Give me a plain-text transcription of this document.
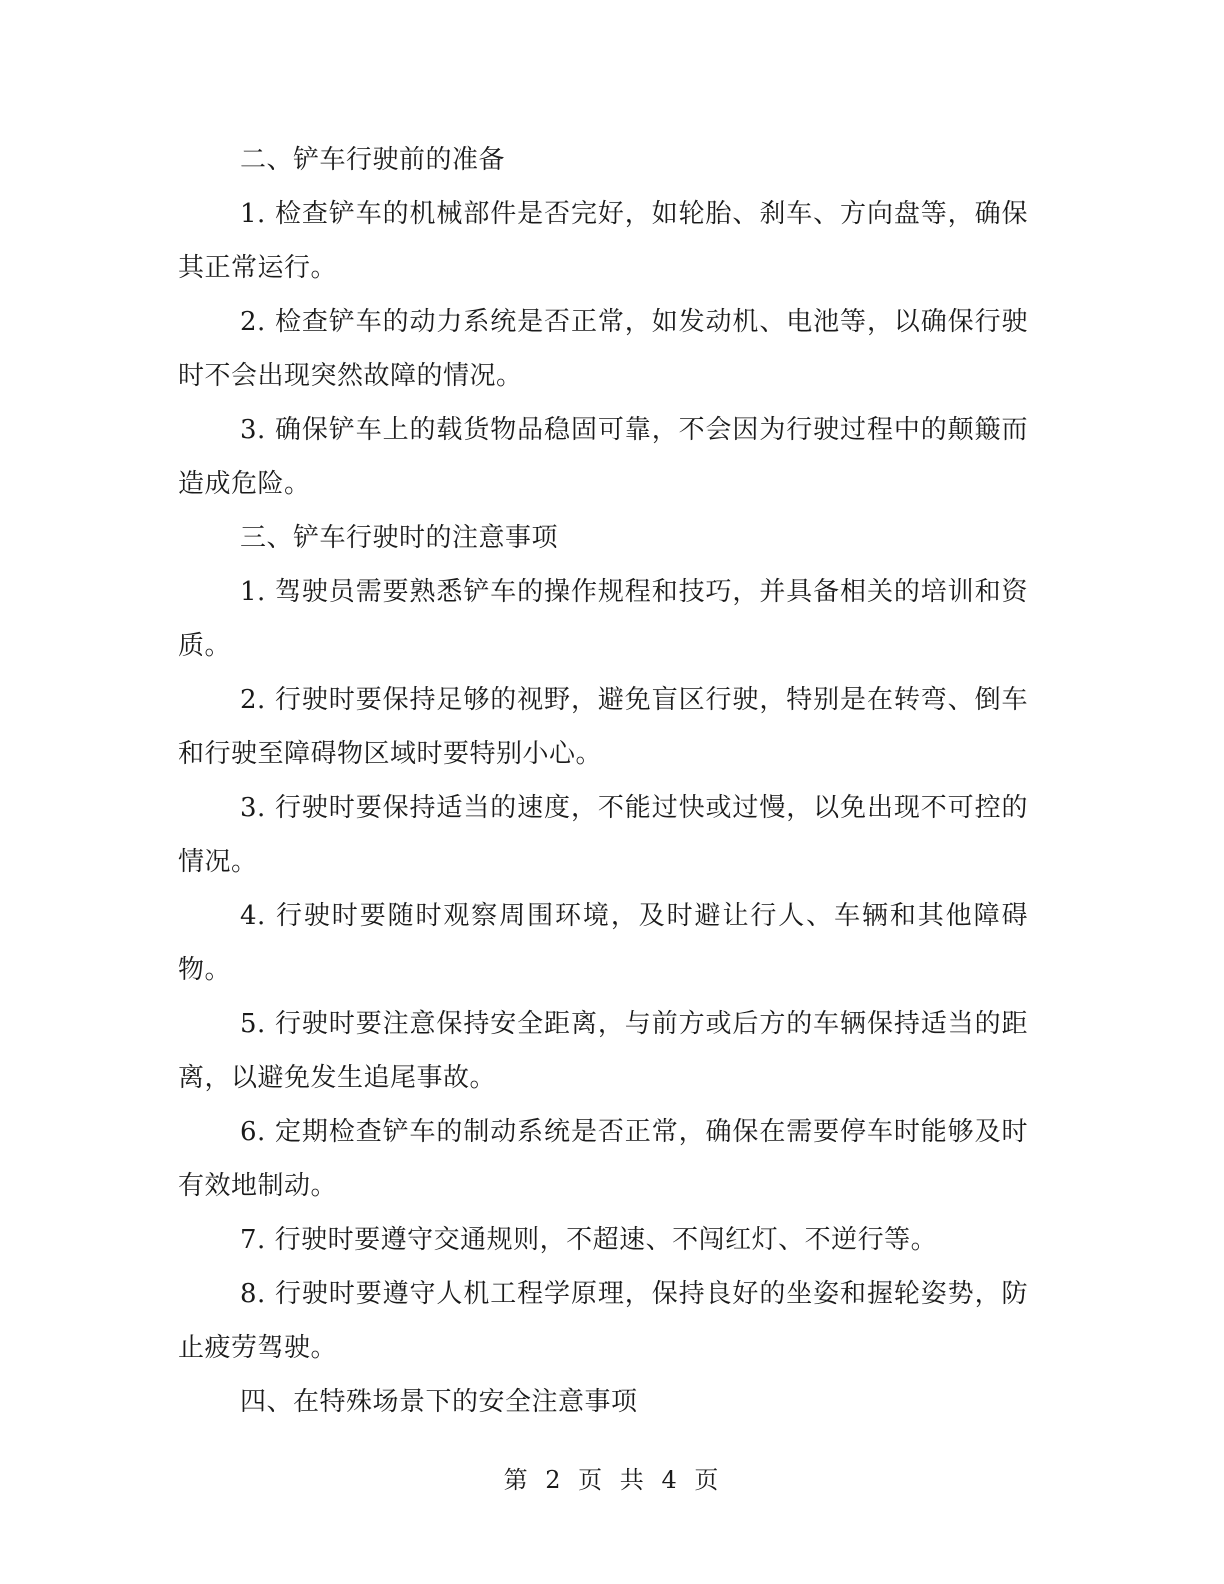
二、铲车行驶前的准备

1. 检查铲车的机械部件是否完好，如轮胎、刹车、方向盘等，确保其正常运行。

2. 检查铲车的动力系统是否正常，如发动机、电池等，以确保行驶时不会出现突然故障的情况。

3. 确保铲车上的载货物品稳固可靠，不会因为行驶过程中的颠簸而造成危险。

三、铲车行驶时的注意事项

1. 驾驶员需要熟悉铲车的操作规程和技巧，并具备相关的培训和资质。

2. 行驶时要保持足够的视野，避免盲区行驶，特别是在转弯、倒车和行驶至障碍物区域时要特别小心。

3. 行驶时要保持适当的速度，不能过快或过慢，以免出现不可控的情况。

4. 行驶时要随时观察周围环境，及时避让行人、车辆和其他障碍物。

5. 行驶时要注意保持安全距离，与前方或后方的车辆保持适当的距离，以避免发生追尾事故。

6. 定期检查铲车的制动系统是否正常，确保在需要停车时能够及时有效地制动。

7. 行驶时要遵守交通规则，不超速、不闯红灯、不逆行等。

8. 行驶时要遵守人机工程学原理，保持良好的坐姿和握轮姿势，防止疲劳驾驶。

四、在特殊场景下的安全注意事项

第 2 页 共 4 页
